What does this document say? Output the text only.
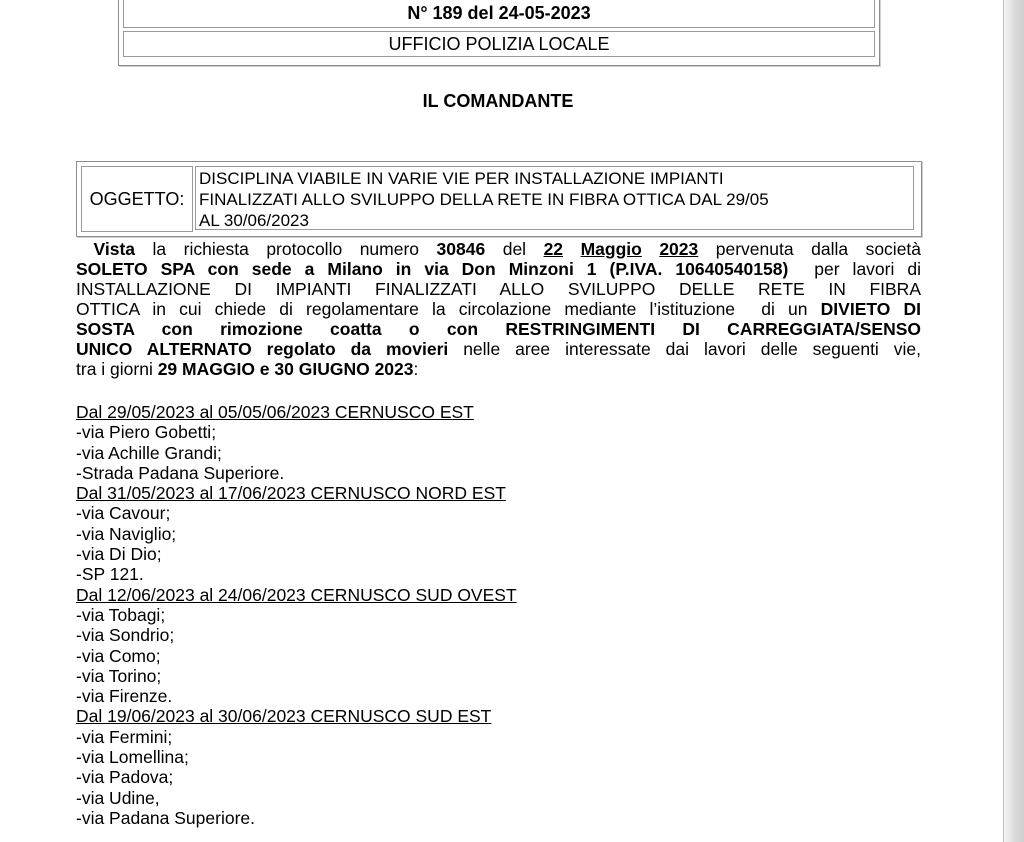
N° 189 del 24-05-2023
UFFICIO POLIZIA LOCALE
IL COMANDANTE
OGGETTO:
DISCIPLINA VIABILE IN VARIE VIE PER INSTALLAZIONE IMPIANTI
FINALIZZATI ALLO SVILUPPO DELLA RETE IN FIBRA OTTICA DAL 29/05
AL 30/06/2023
Vista la richiesta protocollo numero 30846 del 22 Maggio 2023 pervenuta dalla società
SOLETO SPA con sede a Milano in via Don Minzoni 1 (P.IVA. 10640540158)  per lavori di
INSTALLAZIONE DI IMPIANTI FINALIZZATI ALLO SVILUPPO DELLE RETE IN FIBRA
OTTICA in cui chiede di regolamentare la circolazione mediante l’istituzione  di un DIVIETO DI
SOSTA con rimozione coatta o con RESTRINGIMENTI DI CARREGGIATA/SENSO
UNICO ALTERNATO regolato da movieri nelle aree interessate dai lavori delle seguenti vie,
tra i giorni 29 MAGGIO e 30 GIUGNO 2023:
Dal 29/05/2023 al 05/05/06/2023 CERNUSCO EST
-via Piero Gobetti;
-via Achille Grandi;
-Strada Padana Superiore.
Dal 31/05/2023 al 17/06/2023 CERNUSCO NORD EST
-via Cavour;
-via Naviglio;
-via Di Dio;
-SP 121.
Dal 12/06/2023 al 24/06/2023 CERNUSCO SUD OVEST
-via Tobagi;
-via Sondrio;
-via Como;
-via Torino;
-via Firenze.
Dal 19/06/2023 al 30/06/2023 CERNUSCO SUD EST
-via Fermini;
-via Lomellina;
-via Padova;
-via Udine,
-via Padana Superiore.
